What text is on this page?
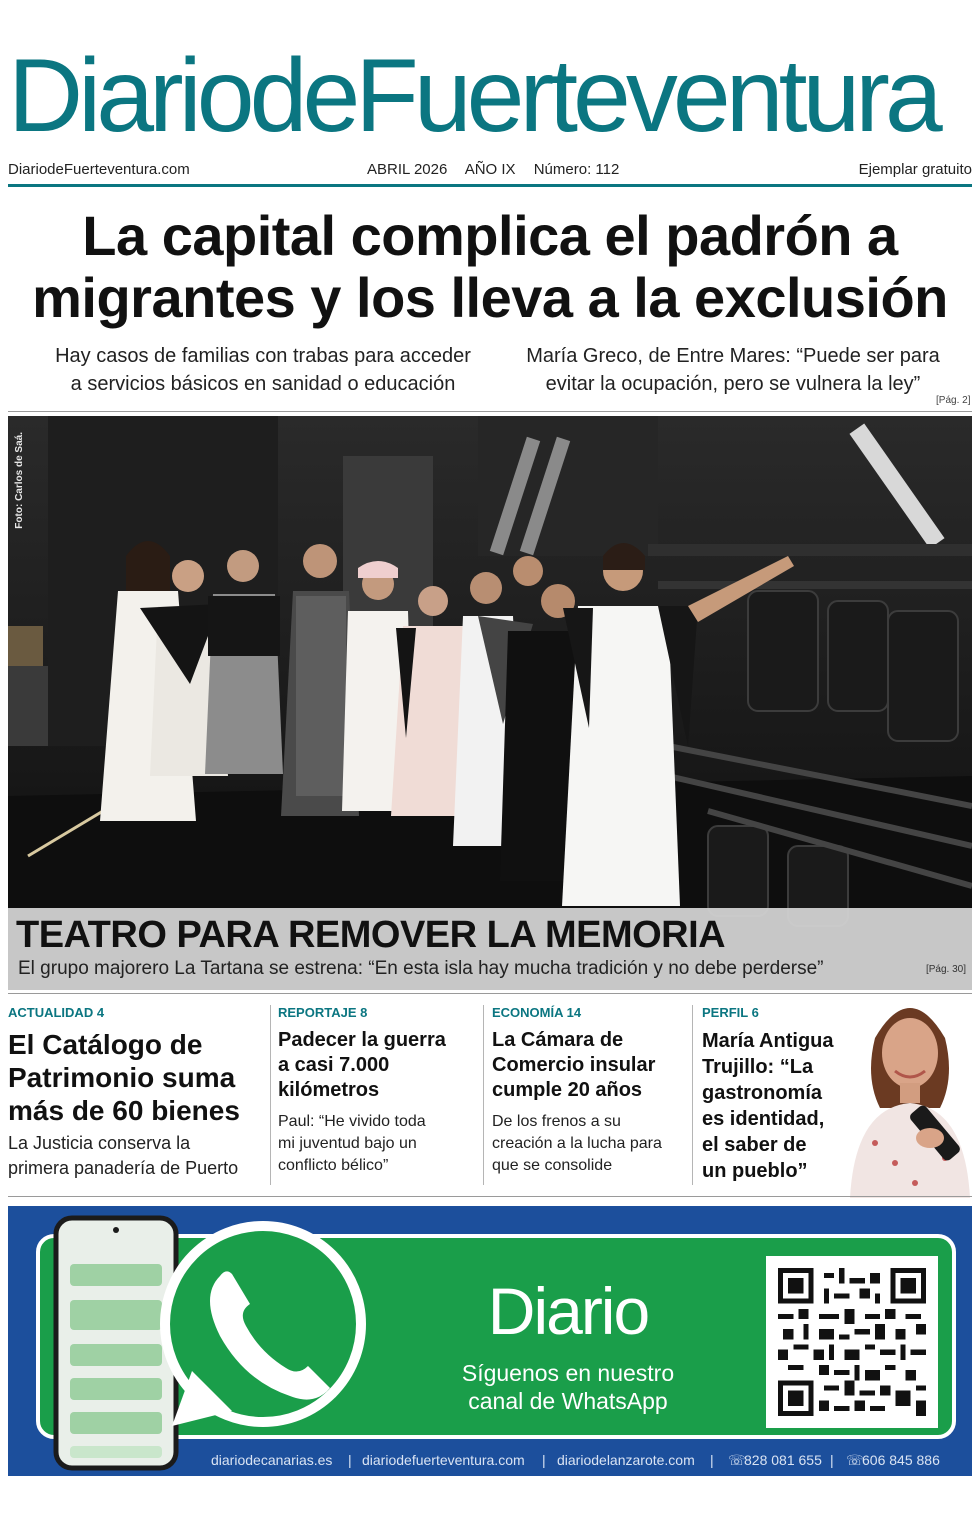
DiariodeFuerteventura
DiariodeFuerteventura.com	ABRIL 2026 AÑO IX Número: 112	Ejemplar gratuito
La capital complica el padrón a
migrantes y los lleva a la exclusión
Hay casos de familias con trabas para acceder
a servicios básicos en sanidad o educación
María Greco, de Entre Mares: “Puede ser para
evitar la ocupación, pero se vulnera la ley”
[Pág. 2]
Foto: Carlos de Saá.
TEATRO PARA REMOVER LA MEMORIA
El grupo majorero La Tartana se estrena: “En esta isla hay mucha tradición y no debe perderse”	[Pág. 30]
ACTUALIDAD 4
El Catálogo de
Patrimonio suma
más de 60 bienes
La Justicia conserva la
primera panadería de Puerto
REPORTAJE 8
Padecer la guerra
a casi 7.000
kilómetros
Paul: “He vivido toda
mi juventud bajo un
conflicto bélico”
ECONOMÍA 14
La Cámara de
Comercio insular
cumple 20 años
De los frenos a su
creación a la lucha para
que se consolide
PERFIL 6
María Antigua
Trujillo: “La
gastronomía
es identidad,
el saber de
un pueblo”
Diario
Síguenos en nuestro
canal de WhatsApp
diariodecanarias.es | diariodefuerteventura.com | diariodelanzarote.com | ☏
828 081 655 | ☏
606 845 886
